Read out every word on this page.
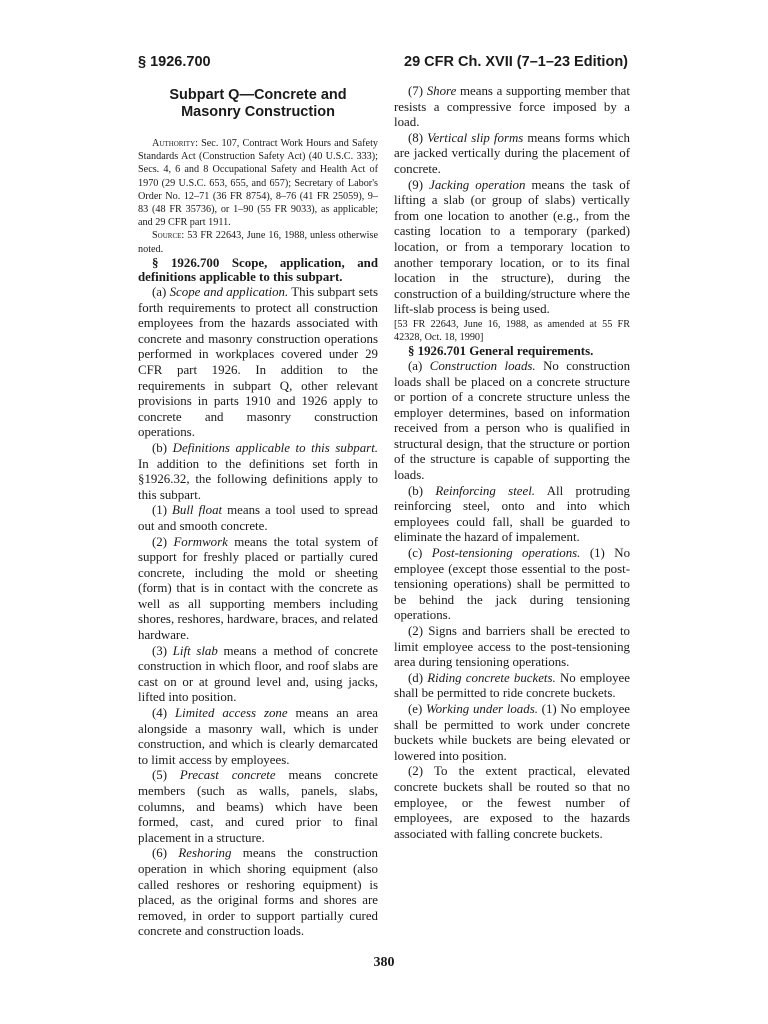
§ 1926.700	29 CFR Ch. XVII (7–1–23 Edition)
Subpart Q—Concrete and
Masonry Construction

Authority: Sec. 107, Contract Work Hours and Safety Standards Act (Construction Safety Act) (40 U.S.C. 333); Secs. 4, 6 and 8 Occupational Safety and Health Act of 1970 (29 U.S.C. 653, 655, and 657); Secretary of Labor's Order No. 12–71 (36 FR 8754), 8–76 (41 FR 25059), 9–83 (48 FR 35736), or 1–90 (55 FR 9033), as applicable; and 29 CFR part 1911.

Source: 53 FR 22643, June 16, 1988, unless otherwise noted.

§ 1926.700 Scope, application, and definitions applicable to this subpart.

(a) Scope and application. This subpart sets forth requirements to protect all construction employees from the hazards associated with concrete and masonry construction operations performed in workplaces covered under 29 CFR part 1926. In addition to the requirements in subpart Q, other relevant provisions in parts 1910 and 1926 apply to concrete and masonry construction operations.

(b) Definitions applicable to this subpart. In addition to the definitions set forth in §1926.32, the following definitions apply to this subpart.

(1) Bull float means a tool used to spread out and smooth concrete.

(2) Formwork means the total system of support for freshly placed or partially cured concrete, including the mold or sheeting (form) that is in contact with the concrete as well as all supporting members including shores, reshores, hardware, braces, and related hardware.

(3) Lift slab means a method of concrete construction in which floor, and roof slabs are cast on or at ground level and, using jacks, lifted into position.

(4) Limited access zone means an area alongside a masonry wall, which is under construction, and which is clearly demarcated to limit access by employees.

(5) Precast concrete means concrete members (such as walls, panels, slabs, columns, and beams) which have been formed, cast, and cured prior to final placement in a structure.

(6) Reshoring means the construction operation in which shoring equipment (also called reshores or reshoring equipment) is placed, as the original forms and shores are removed, in order to support partially cured concrete and construction loads.

(7) Shore means a supporting member that resists a compressive force imposed by a load.

(8) Vertical slip forms means forms which are jacked vertically during the placement of concrete.

(9) Jacking operation means the task of lifting a slab (or group of slabs) vertically from one location to another (e.g., from the casting location to a temporary (parked) location, or from a temporary location to another temporary location, or to its final location in the structure), during the construction of a building/structure where the lift-slab process is being used.

[53 FR 22643, June 16, 1988, as amended at 55 FR 42328, Oct. 18, 1990]

§ 1926.701 General requirements.

(a) Construction loads. No construction loads shall be placed on a concrete structure or portion of a concrete structure unless the employer determines, based on information received from a person who is qualified in structural design, that the structure or portion of the structure is capable of supporting the loads.

(b) Reinforcing steel. All protruding reinforcing steel, onto and into which employees could fall, shall be guarded to eliminate the hazard of impalement.

(c) Post-tensioning operations. (1) No employee (except those essential to the post-tensioning operations) shall be permitted to be behind the jack during tensioning operations.

(2) Signs and barriers shall be erected to limit employee access to the post-tensioning area during tensioning operations.

(d) Riding concrete buckets. No employee shall be permitted to ride concrete buckets.

(e) Working under loads. (1) No employee shall be permitted to work under concrete buckets while buckets are being elevated or lowered into position.

(2) To the extent practical, elevated concrete buckets shall be routed so that no employee, or the fewest number of employees, are exposed to the hazards associated with falling concrete buckets.

380
